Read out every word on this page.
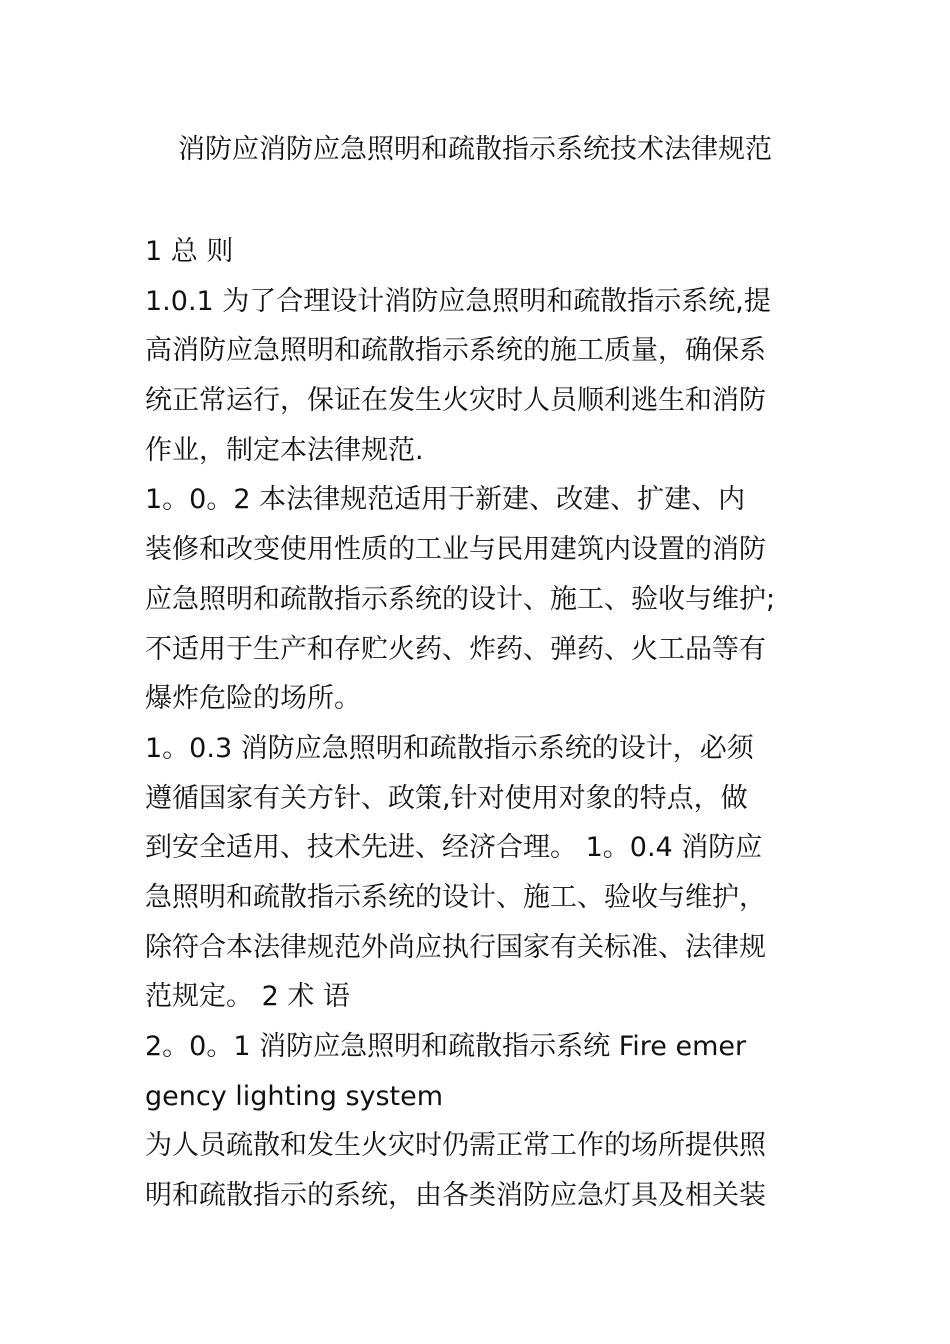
消防应消防应急照明和疏散指示系统技术法律规范
1 总 则
1.0.1 为了合理设计消防应急照明和疏散指示系统,提
高消防应急照明和疏散指示系统的施工质量，确保系
统正常运行，保证在发生火灾时人员顺利逃生和消防
作业，制定本法律规范.
1。0。2 本法律规范适用于新建、改建、扩建、内
装修和改变使用性质的工业与民用建筑内设置的消防
应急照明和疏散指示系统的设计、施工、验收与维护;
不适用于生产和存贮火药、炸药、弹药、火工品等有
爆炸危险的场所。
1。0.3 消防应急照明和疏散指示系统的设计，必须
遵循国家有关方针、政策,针对使用对象的特点，做
到安全适用、技术先进、经济合理。 1。0.4 消防应
急照明和疏散指示系统的设计、施工、验收与维护，
除符合本法律规范外尚应执行国家有关标准、法律规
范规定。 2 术 语
2。0。1 消防应急照明和疏散指示系统 Fire emer
gency lighting system
为人员疏散和发生火灾时仍需正常工作的场所提供照
明和疏散指示的系统，由各类消防应急灯具及相关装
